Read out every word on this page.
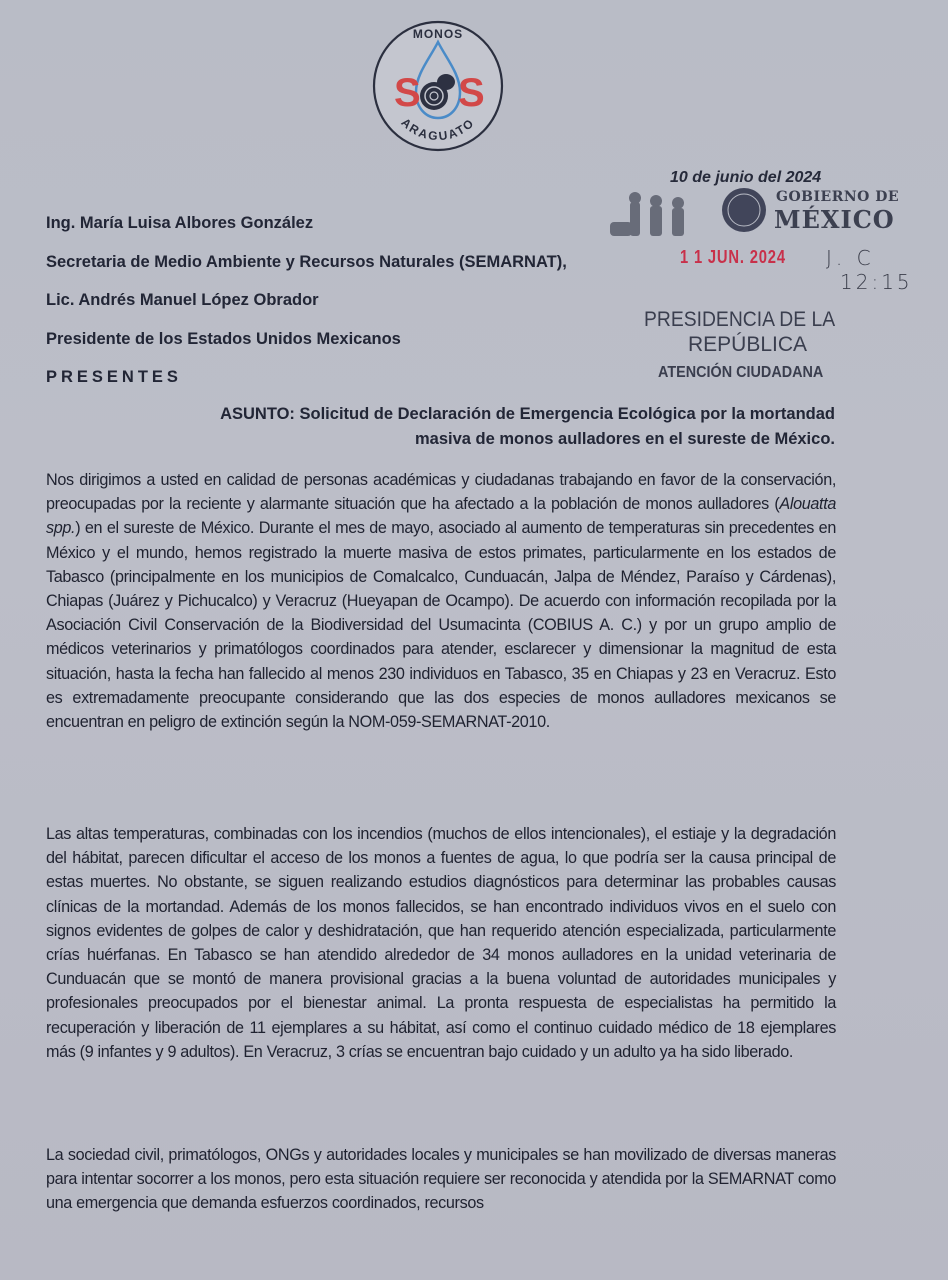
S S
MONOS
ARAGUATO
10 de junio del 2024
GOBIERNO DE
MÉXICO
1 1 JUN. 2024 J. C
12:15
PRESIDENCIA DE LA
REPÚBLICA
ATENCIÓN CIUDADANA
Ing. María Luisa Albores González
Secretaria de Medio Ambiente y Recursos Naturales (SEMARNAT),
Lic. Andrés Manuel López Obrador
Presidente de los Estados Unidos Mexicanos
PRESENTES
ASUNTO: Solicitud de Declaración de Emergencia Ecológica por la mortandad
masiva de monos aulladores en el sureste de México.
Nos dirigimos a usted en calidad de personas académicas y ciudadanas trabajando en favor de la conservación, preocupadas por la reciente y alarmante situación que ha afectado a la población de monos aulladores (Alouatta spp.) en el sureste de México. Durante el mes de mayo, asociado al aumento de temperaturas sin precedentes en México y el mundo, hemos registrado la muerte masiva de estos primates, particularmente en los estados de Tabasco (principalmente en los municipios de Comalcalco, Cunduacán, Jalpa de Méndez, Paraíso y Cárdenas), Chiapas (Juárez y Pichucalco) y Veracruz (Hueyapan de Ocampo). De acuerdo con información recopilada por la Asociación Civil Conservación de la Biodiversidad del Usumacinta (COBIUS A. C.) y por un grupo amplio de médicos veterinarios y primatólogos coordinados para atender, esclarecer y dimensionar la magnitud de esta situación, hasta la fecha han fallecido al menos 230 individuos en Tabasco, 35 en Chiapas y 23 en Veracruz. Esto es extremadamente preocupante considerando que las dos especies de monos aulladores mexicanos se encuentran en peligro de extinción según la NOM-059-SEMARNAT-2010.
Las altas temperaturas, combinadas con los incendios (muchos de ellos intencionales), el estiaje y la degradación del hábitat, parecen dificultar el acceso de los monos a fuentes de agua, lo que podría ser la causa principal de estas muertes. No obstante, se siguen realizando estudios diagnósticos para determinar las probables causas clínicas de la mortandad. Además de los monos fallecidos, se han encontrado individuos vivos en el suelo con signos evidentes de golpes de calor y deshidratación, que han requerido atención especializada, particularmente crías huérfanas. En Tabasco se han atendido alrededor de 34 monos aulladores en la unidad veterinaria de Cunduacán que se montó de manera provisional gracias a la buena voluntad de autoridades municipales y profesionales preocupados por el bienestar animal. La pronta respuesta de especialistas ha permitido la recuperación y liberación de 11 ejemplares a su hábitat, así como el continuo cuidado médico de 18 ejemplares más (9 infantes y 9 adultos). En Veracruz, 3 crías se encuentran bajo cuidado y un adulto ya ha sido liberado.
La sociedad civil, primatólogos, ONGs y autoridades locales y municipales se han movilizado de diversas maneras para intentar socorrer a los monos, pero esta situación requiere ser reconocida y atendida por la SEMARNAT como una emergencia que demanda esfuerzos coordinados, recursos
